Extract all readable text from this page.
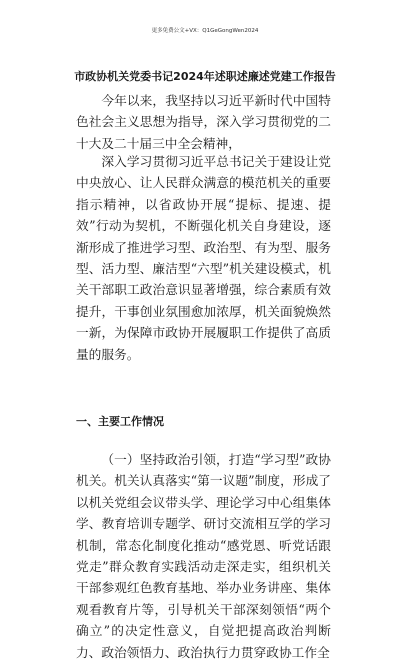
更多免费公文+VX：Q1GeGongWen2024
市政协机关党委书记2024年述职述廉述党建工作报告

今年以来，我坚持以习近平新时代中国特色社会主义思想为指导，深入学习贯彻党的二十大及二十届三中全会精神，

深入学习贯彻习近平总书记关于建设让党中央放心、让人民群众满意的模范机关的重要指示精神，以省政协开展“提标、提速、提效”行动为契机，不断强化机关自身建设，逐渐形成了推进学习型、政治型、有为型、服务型、活力型、廉洁型“六型”机关建设模式，机关干部职工政治意识显著增强，综合素质有效提升，干事创业氛围愈加浓厚，机关面貌焕然一新，为保障市政协开展履职工作提供了高质量的服务。

一、主要工作情况

（一）坚持政治引领，打造“学习型”政协机关。机关认真落实“第一议题”制度，形成了以机关党组会议带头学、理论学习中心组集体学、教育培训专题学、研讨交流相互学的学习机制，常态化制度化推动“感党恩、听党话跟党走”群众教育实践活动走深走实，组织机关干部参观红色教育基地、举办业务讲座、集体观看教育片等，引导机关干部深刻领悟“两个确立”的决定性意义，自觉把提高政治判断力、政治领悟力、政治执行力贯穿政协工作全
